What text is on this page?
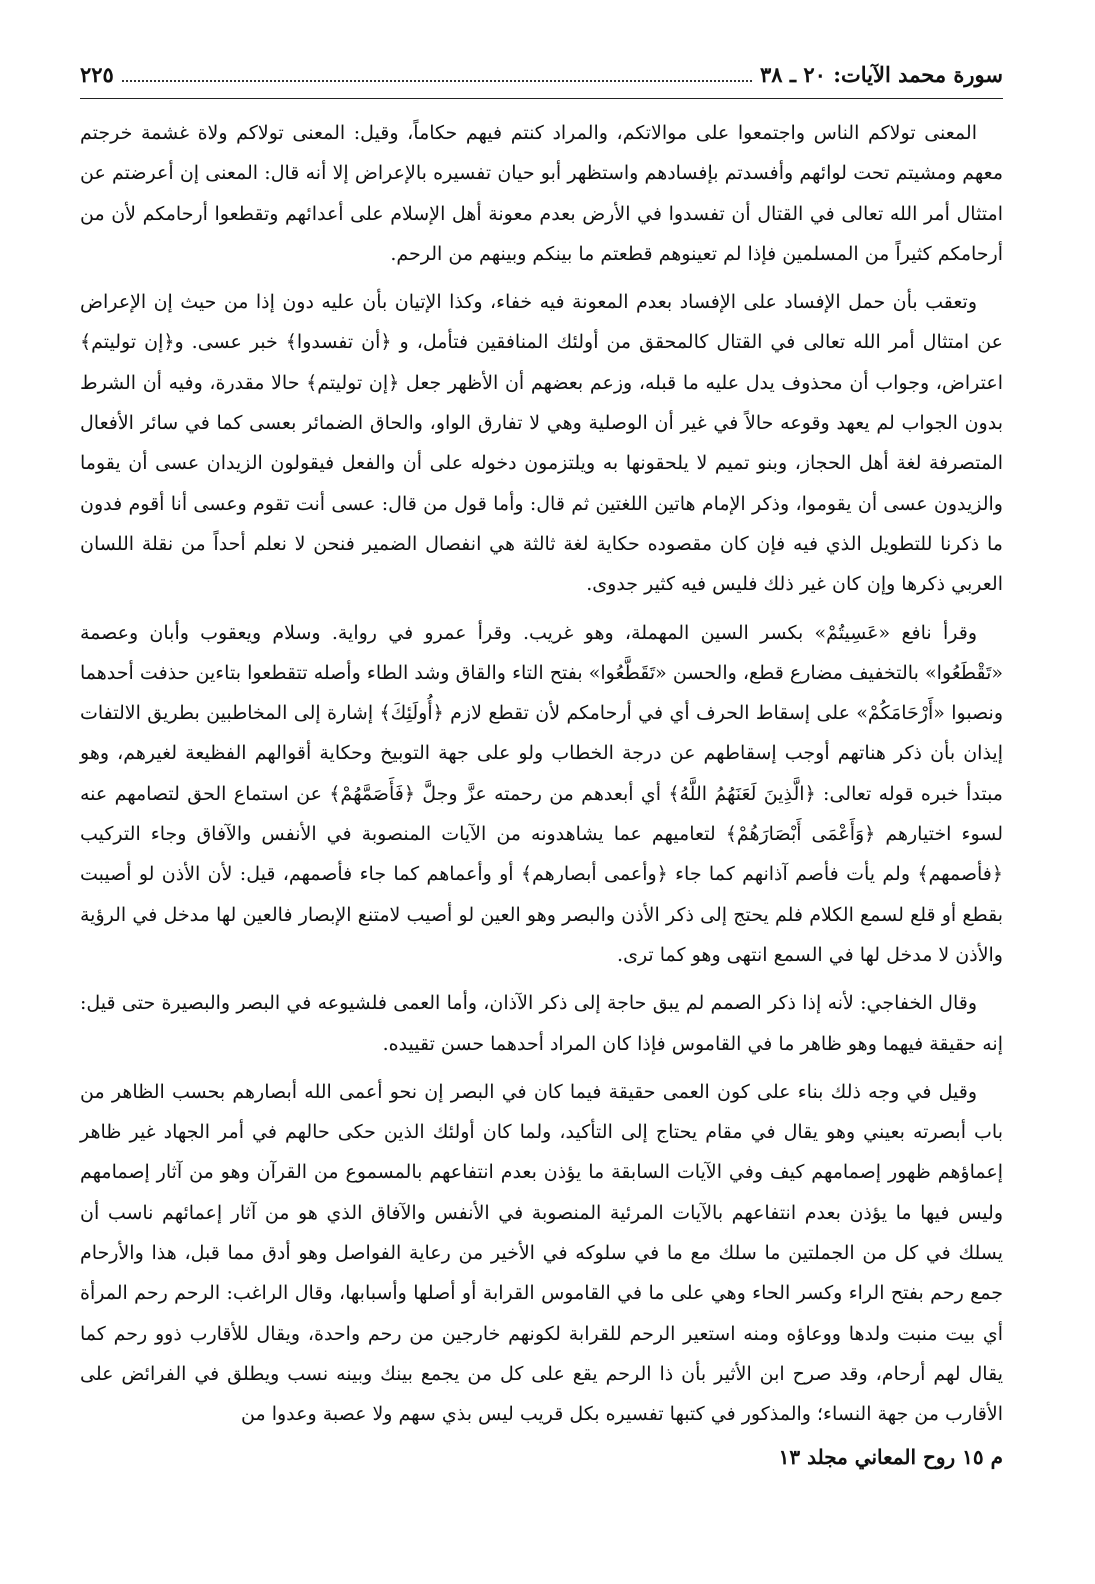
سورة محمد الآيات: ٢٠ ـ ٣٨
٢٢٥

المعنى تولاكم الناس واجتمعوا على موالاتكم، والمراد كنتم فيهم حكاماً، وقيل: المعنى تولاكم ولاة غشمة خرجتم معهم ومشيتم تحت لوائهم وأفسدتم بإفسادهم واستظهر أبو حيان تفسيره بالإعراض إلا أنه قال: المعنى إن أعرضتم عن امتثال أمر الله تعالى في القتال أن تفسدوا في الأرض بعدم معونة أهل الإسلام على أعدائهم وتقطعوا أرحامكم لأن من أرحامكم كثيراً من المسلمين فإذا لم تعينوهم قطعتم ما بينكم وبينهم من الرحم.

وتعقب بأن حمل الإفساد على الإفساد بعدم المعونة فيه خفاء، وكذا الإتيان بأن عليه دون إذا من حيث إن الإعراض عن امتثال أمر الله تعالى في القتال كالمحقق من أولئك المنافقين فتأمل، و ﴿أن تفسدوا﴾ خبر عسى. و﴿إن توليتم﴾ اعتراض، وجواب أن محذوف يدل عليه ما قبله، وزعم بعضهم أن الأظهر جعل ﴿إن توليتم﴾ حالا مقدرة، وفيه أن الشرط بدون الجواب لم يعهد وقوعه حالاً في غير أن الوصلية وهي لا تفارق الواو، والحاق الضمائر بعسى كما في سائر الأفعال المتصرفة لغة أهل الحجاز، وبنو تميم لا يلحقونها به ويلتزمون دخوله على أن والفعل فيقولون الزيدان عسى أن يقوما والزيدون عسى أن يقوموا، وذكر الإمام هاتين اللغتين ثم قال: وأما قول من قال: عسى أنت تقوم وعسى أنا أقوم فدون ما ذكرنا للتطويل الذي فيه فإن كان مقصوده حكاية لغة ثالثة هي انفصال الضمير فنحن لا نعلم أحداً من نقلة اللسان العربي ذكرها وإن كان غير ذلك فليس فيه كثير جدوى.

وقرأ نافع «عَسِيتُمْ» بكسر السين المهملة، وهو غريب. وقرأ عمرو في رواية. وسلام ويعقوب وأبان وعصمة «تَقْطَعُوا» بالتخفيف مضارع قطع، والحسن «تَقَطَّعُوا» بفتح التاء والقاق وشد الطاء وأصله تتقطعوا بتاءين حذفت أحدهما ونصبوا «أَرْحَامَكُمْ» على إسقاط الحرف أي في أرحامكم لأن تقطع لازم ﴿أُولَئِكَ﴾ إشارة إلى المخاطبين بطريق الالتفات إيذان بأن ذكر هناتهم أوجب إسقاطهم عن درجة الخطاب ولو على جهة التوبيخ وحكاية أقوالهم الفظيعة لغيرهم، وهو مبتدأ خبره قوله تعالى: ﴿الَّذِينَ لَعَنَهُمُ اللَّهُ﴾ أي أبعدهم من رحمته عزَّ وجلَّ ﴿فَأَصَمَّهُمْ﴾ عن استماع الحق لتصامهم عنه لسوء اختيارهم ﴿وَأَعْمَى أَبْصَارَهُمْ﴾ لتعاميهم عما يشاهدونه من الآيات المنصوبة في الأنفس والآفاق وجاء التركيب ﴿فأصمهم﴾ ولم يأت فأصم آذانهم كما جاء ﴿وأعمى أبصارهم﴾ أو وأعماهم كما جاء فأصمهم، قيل: لأن الأذن لو أصيبت بقطع أو قلع لسمع الكلام فلم يحتج إلى ذكر الأذن والبصر وهو العين لو أصيب لامتنع الإبصار فالعين لها مدخل في الرؤية والأذن لا مدخل لها في السمع انتهى وهو كما ترى.

وقال الخفاجي: لأنه إذا ذكر الصمم لم يبق حاجة إلى ذكر الآذان، وأما العمى فلشيوعه في البصر والبصيرة حتى قيل: إنه حقيقة فيهما وهو ظاهر ما في القاموس فإذا كان المراد أحدهما حسن تقييده.

وقيل في وجه ذلك بناء على كون العمى حقيقة فيما كان في البصر إن نحو أعمى الله أبصارهم بحسب الظاهر من باب أبصرته بعيني وهو يقال في مقام يحتاج إلى التأكيد، ولما كان أولئك الذين حكى حالهم في أمر الجهاد غير ظاهر إعماؤهم ظهور إصمامهم كيف وفي الآيات السابقة ما يؤذن بعدم انتفاعهم بالمسموع من القرآن وهو من آثار إصمامهم وليس فيها ما يؤذن بعدم انتفاعهم بالآيات المرئية المنصوبة في الأنفس والآفاق الذي هو من آثار إعمائهم ناسب أن يسلك في كل من الجملتين ما سلك مع ما في سلوكه في الأخير من رعاية الفواصل وهو أدق مما قبل، هذا والأرحام جمع رحم بفتح الراء وكسر الحاء وهي على ما في القاموس القرابة أو أصلها وأسبابها، وقال الراغب: الرحم رحم المرأة أي بيت منبت ولدها ووعاؤه ومنه استعير الرحم للقرابة لكونهم خارجين من رحم واحدة، ويقال للأقارب ذوو رحم كما يقال لهم أرحام، وقد صرح ابن الأثير بأن ذا الرحم يقع على كل من يجمع بينك وبينه نسب ويطلق في الفرائض على الأقارب من جهة النساء؛ والمذكور في كتبها تفسيره بكل قريب ليس بذي سهم ولا عصبة وعدوا من

م ١٥ روح المعاني مجلد ١٣
